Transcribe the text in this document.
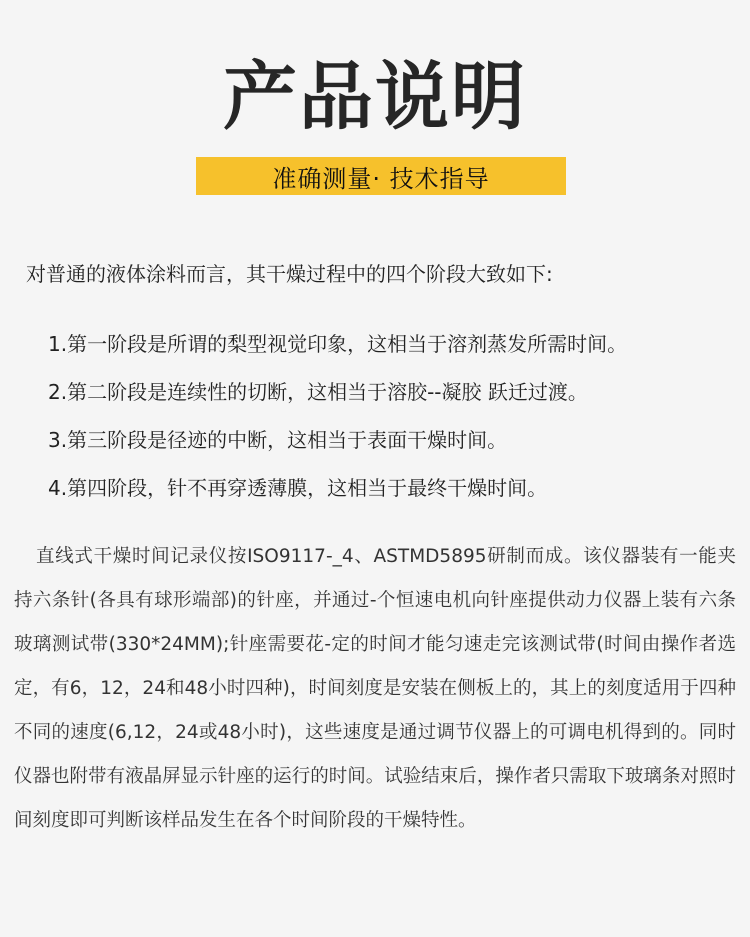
产品说明
准确测量· 技术指导
对普通的液体涂料而言，其干燥过程中的四个阶段大致如下:
1.第一阶段是所谓的梨型视觉印象，这相当于溶剂蒸发所需时间。
2.第二阶段是连续性的切断，这相当于溶胶--凝胶 跃迁过渡。
3.第三阶段是径迹的中断，这相当于表面干燥时间。
4.第四阶段，针不再穿透薄膜，这相当于最终干燥时间。

直线式干燥时间记录仪按ISO9117-_4、ASTMD5895研制而成。该仪器装有一能夹持六条针(各具有球形端部)的针座，并通过-个恒速电机向针座提供动力仪器上装有六条玻璃测试带(330*24MM);针座需要花-定的时间才能匀速走完该测试带(时间由操作者选定，有6，12，24和48小时四种)，时间刻度是安装在侧板上的，其上的刻度适用于四种不同的速度(6,12，24或48小时)，这些速度是通过调节仪器上的可调电机得到的。同时仪器也附带有液晶屏显示针座的运行的时间。试验结束后，操作者只需取下玻璃条对照时间刻度即可判断该样品发生在各个时间阶段的干燥特性。
